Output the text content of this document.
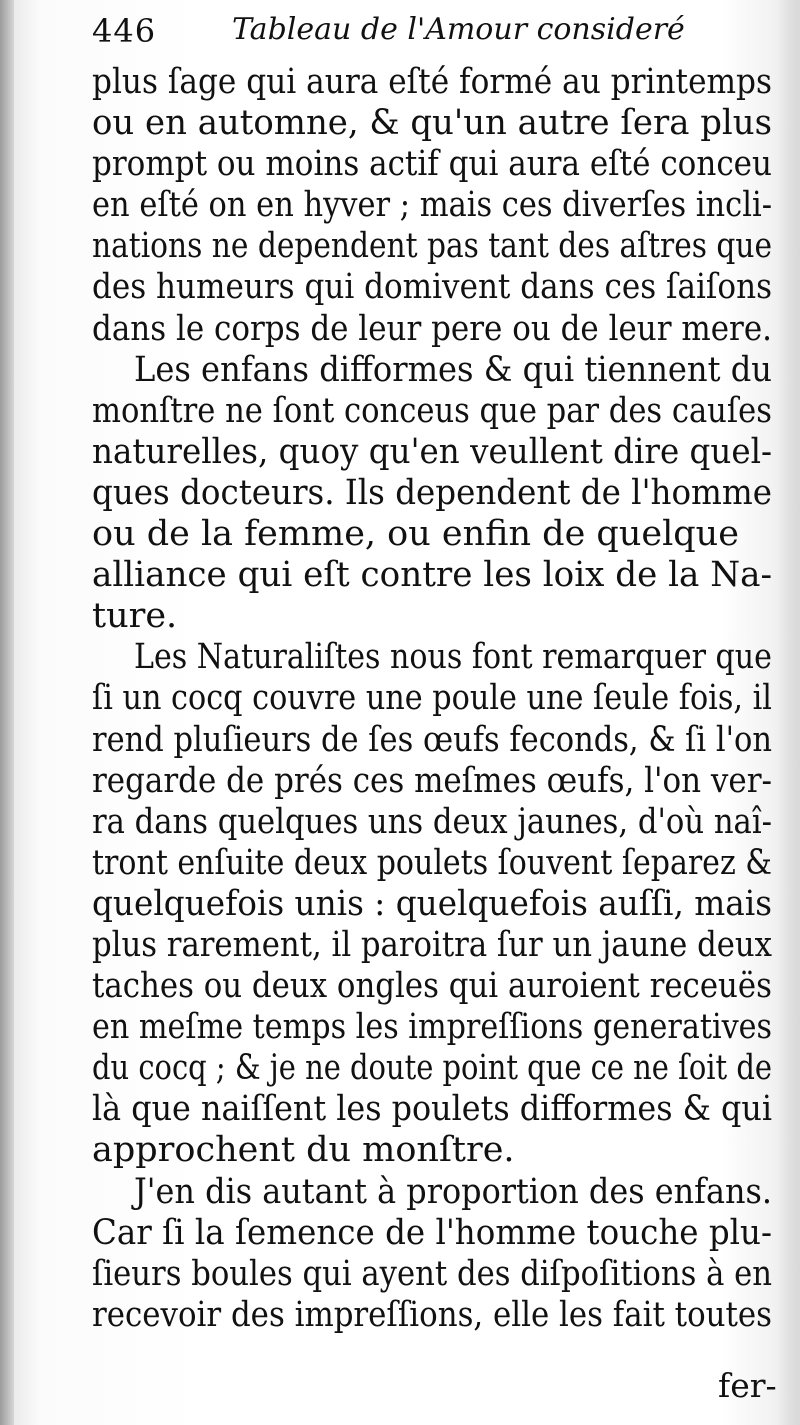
446	Tableau de l'Amour consideré
plus ſage qui aura eſté formé au printemps
ou en automne, & qu'un autre ſera plus
prompt ou moins actif qui aura eſté conceu
en eſté on en hyver ; mais ces diverſes incli-
nations ne dependent pas tant des aſtres que
des humeurs qui domivent dans ces ſaiſons
dans le corps de leur pere ou de leur mere.
Les enfans difformes & qui tiennent du
monſtre ne ſont conceus que par des cauſes
naturelles, quoy qu'en veullent dire quel-
ques docteurs. Ils dependent de l'homme
ou de la femme, ou enfin de quelque
alliance qui eſt contre les loix de la Na-
ture.
Les Naturaliſtes nous font remarquer que
ſi un cocq couvre une poule une ſeule fois, il
rend pluſieurs de ſes œufs feconds, & ſi l'on
regarde de prés ces meſmes œufs, l'on ver-
ra dans quelques uns deux jaunes, d'où naî-
tront enſuite deux poulets ſouvent ſeparez &
quelquefois unis : quelquefois auſſi, mais
plus rarement, il paroitra ſur un jaune deux
taches ou deux ongles qui auroient receuës
en meſme temps les impreſſions generatives
du cocq ; & je ne doute point que ce ne ſoit de
là que naiſſent les poulets difformes & qui
approchent du monſtre.
J'en dis autant à proportion des enfans.
Car ſi la ſemence de l'homme touche plu-
ſieurs boules qui ayent des diſpoſitions à en
recevoir des impreſſions, elle les fait toutes
fer-
